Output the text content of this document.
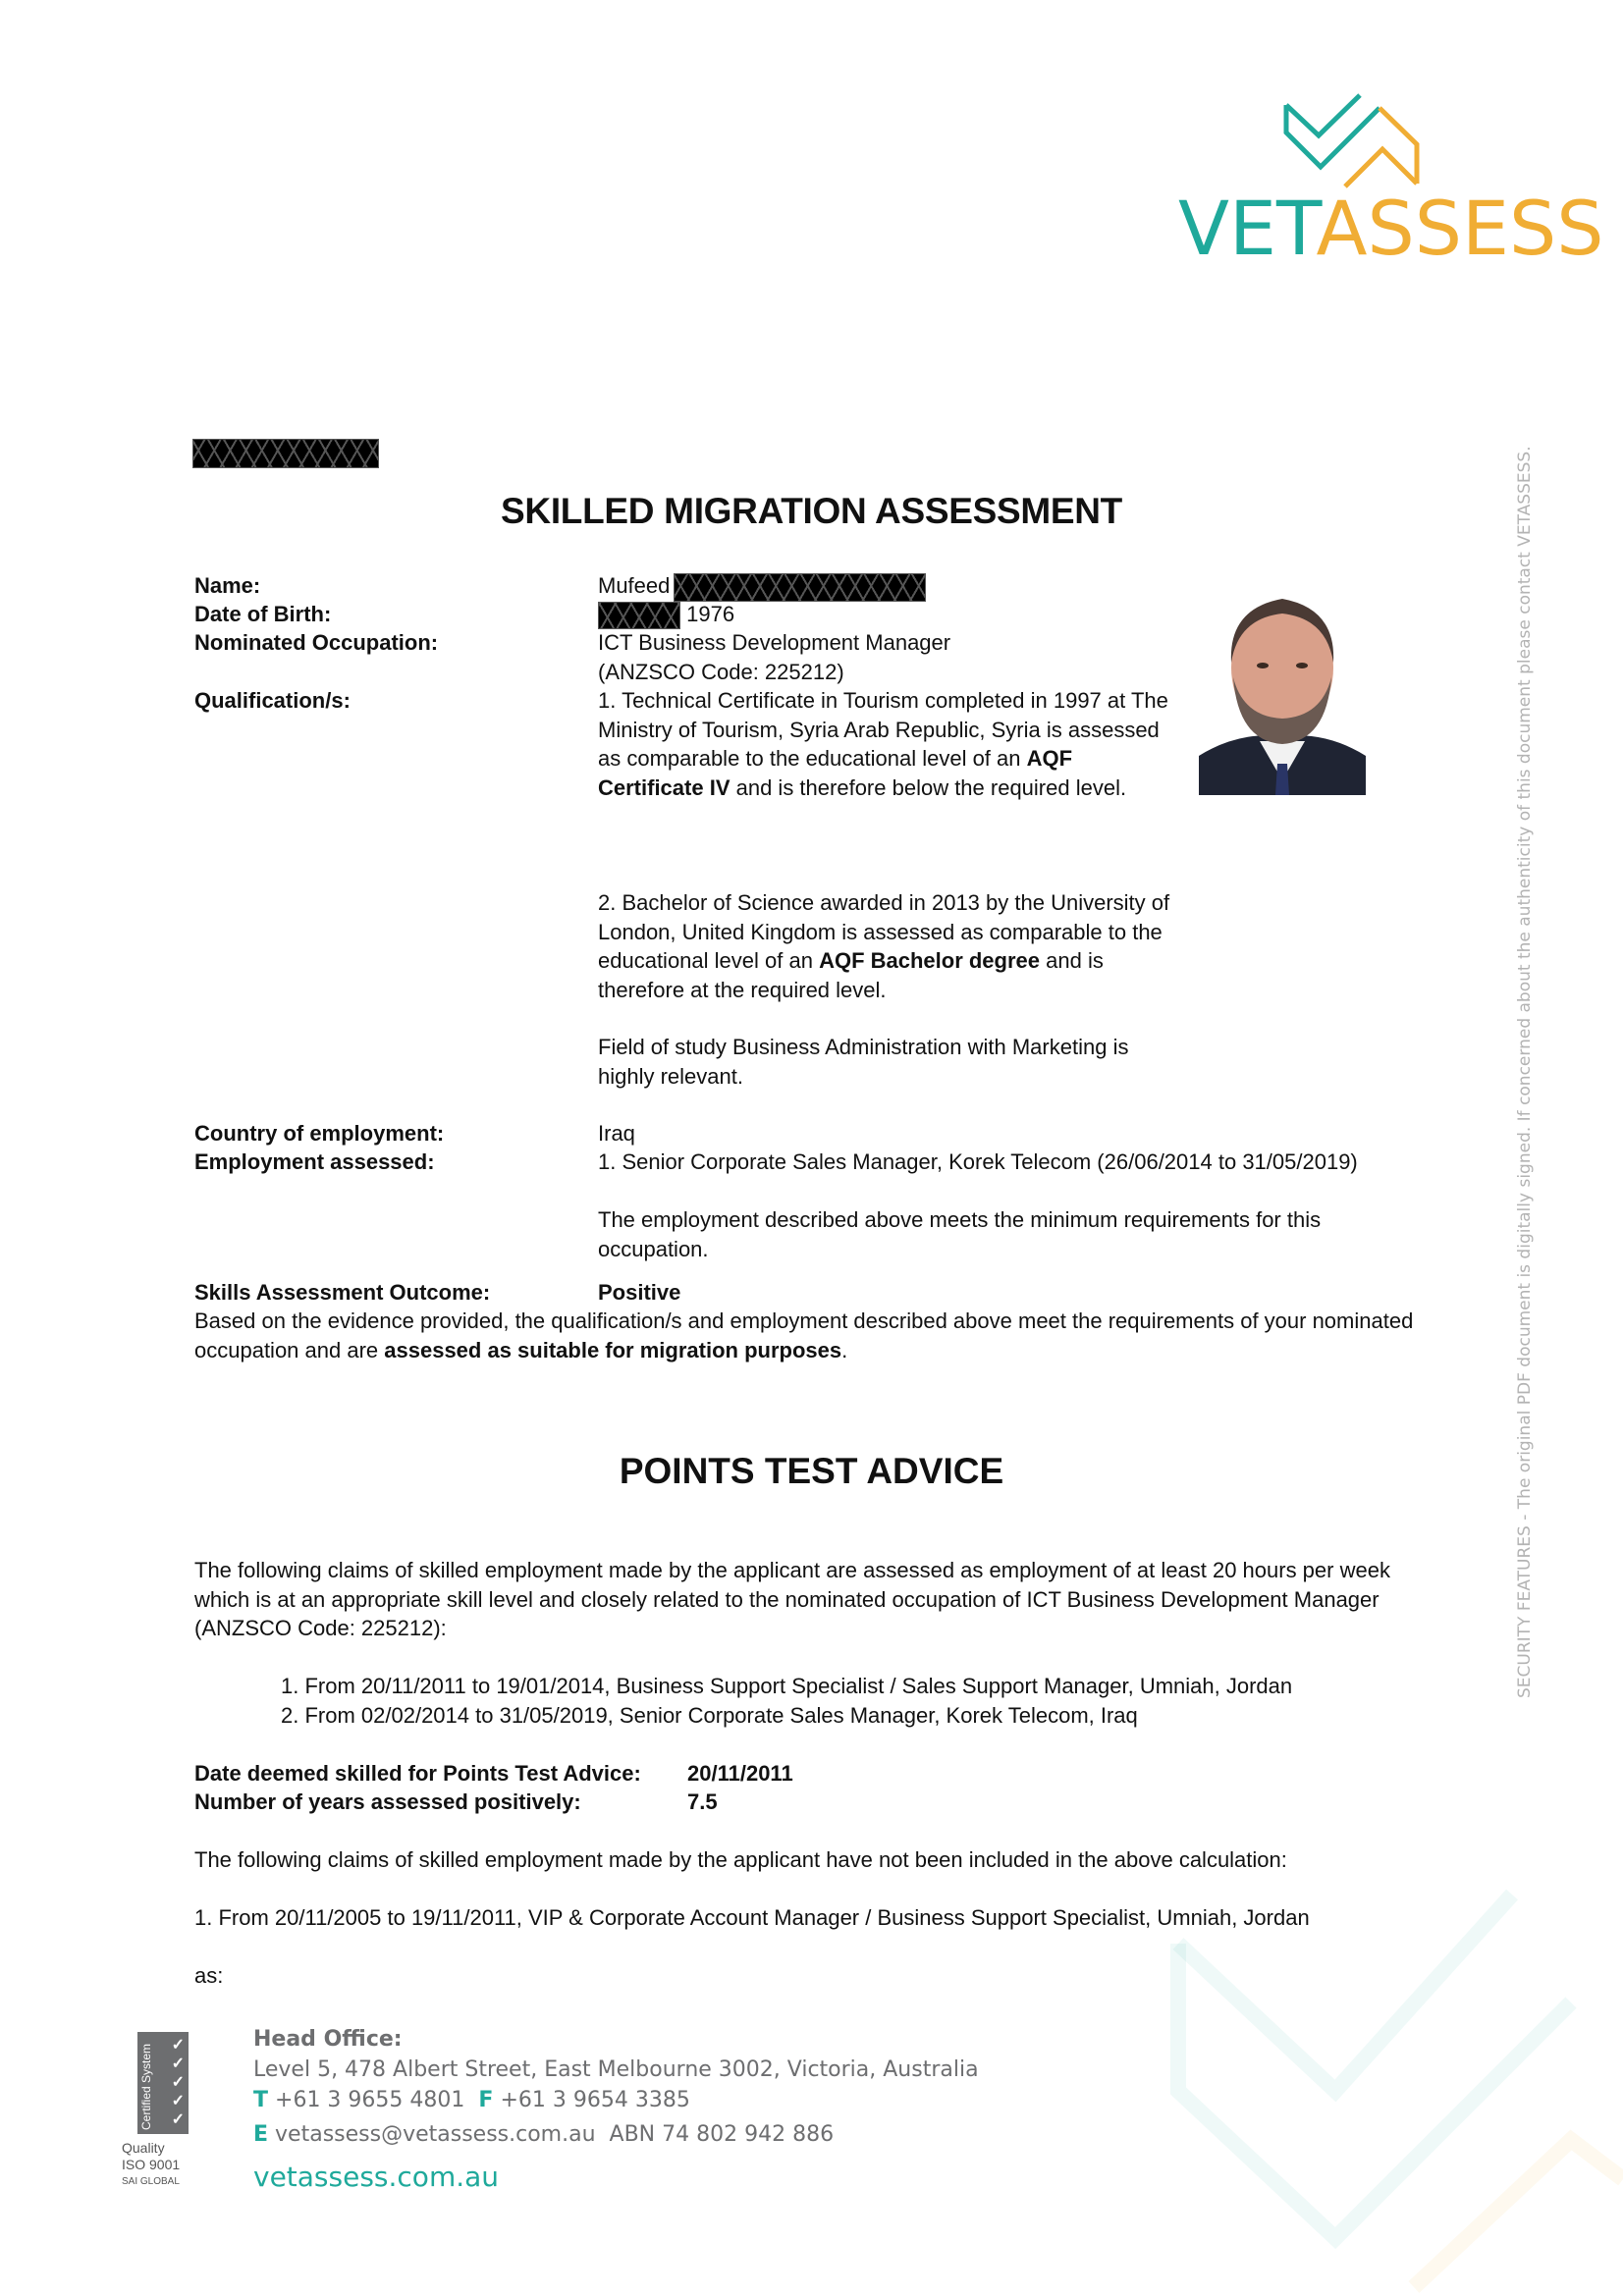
VETASSESS
SECURITY FEATURES - The original PDF document is digitally signed. If concerned about the authenticity of this document please contact VETASSESS.
SKILLED MIGRATION ASSESSMENT
Name:	Mufeed
Date of Birth:	1976
Nominated Occupation:	ICT Business Development Manager
(ANZSCO Code: 225212)
Qualification/s:	1. Technical Certificate in Tourism completed in 1997 at The Ministry of Tourism, Syria Arab Republic, Syria is assessed as comparable to the educational level of an AQF Certificate IV and is therefore below the required level.
2. Bachelor of Science awarded in 2013 by the University of London, United Kingdom is assessed as comparable to the educational level of an AQF Bachelor degree and is therefore at the required level.
Field of study Business Administration with Marketing is highly relevant.
Country of employment:	Iraq
Employment assessed:	1. Senior Corporate Sales Manager, Korek Telecom (26/06/2014 to 31/05/2019)
The employment described above meets the minimum requirements for this occupation.
Skills Assessment Outcome:	Positive
Based on the evidence provided, the qualification/s and employment described above meet the requirements of your nominated occupation and are assessed as suitable for migration purposes.
POINTS TEST ADVICE
The following claims of skilled employment made by the applicant are assessed as employment of at least 20 hours per week which is at an appropriate skill level and closely related to the nominated occupation of ICT Business Development Manager (ANZSCO Code: 225212):
1. From 20/11/2011 to 19/01/2014, Business Support Specialist / Sales Support Manager, Umniah, Jordan
2. From 02/02/2014 to 31/05/2019, Senior Corporate Sales Manager, Korek Telecom, Iraq
Date deemed skilled for Points Test Advice: 20/11/2011
Number of years assessed positively:	7.5
The following claims of skilled employment made by the applicant have not been included in the above calculation:
1. From 20/11/2005 to 19/11/2011, VIP & Corporate Account Manager / Business Support Specialist, Umniah, Jordan
as:
Certified System ✓
✓
✓
✓
✓
Quality
ISO 9001
SAI GLOBAL
Head Office:
Level 5, 478 Albert Street, East Melbourne 3002, Victoria, Australia
T +61 3 9655 4801 F +61 3 9654 3385
E vetassess@vetassess.com.au ABN 74 802 942 886
vetassess.com.au
